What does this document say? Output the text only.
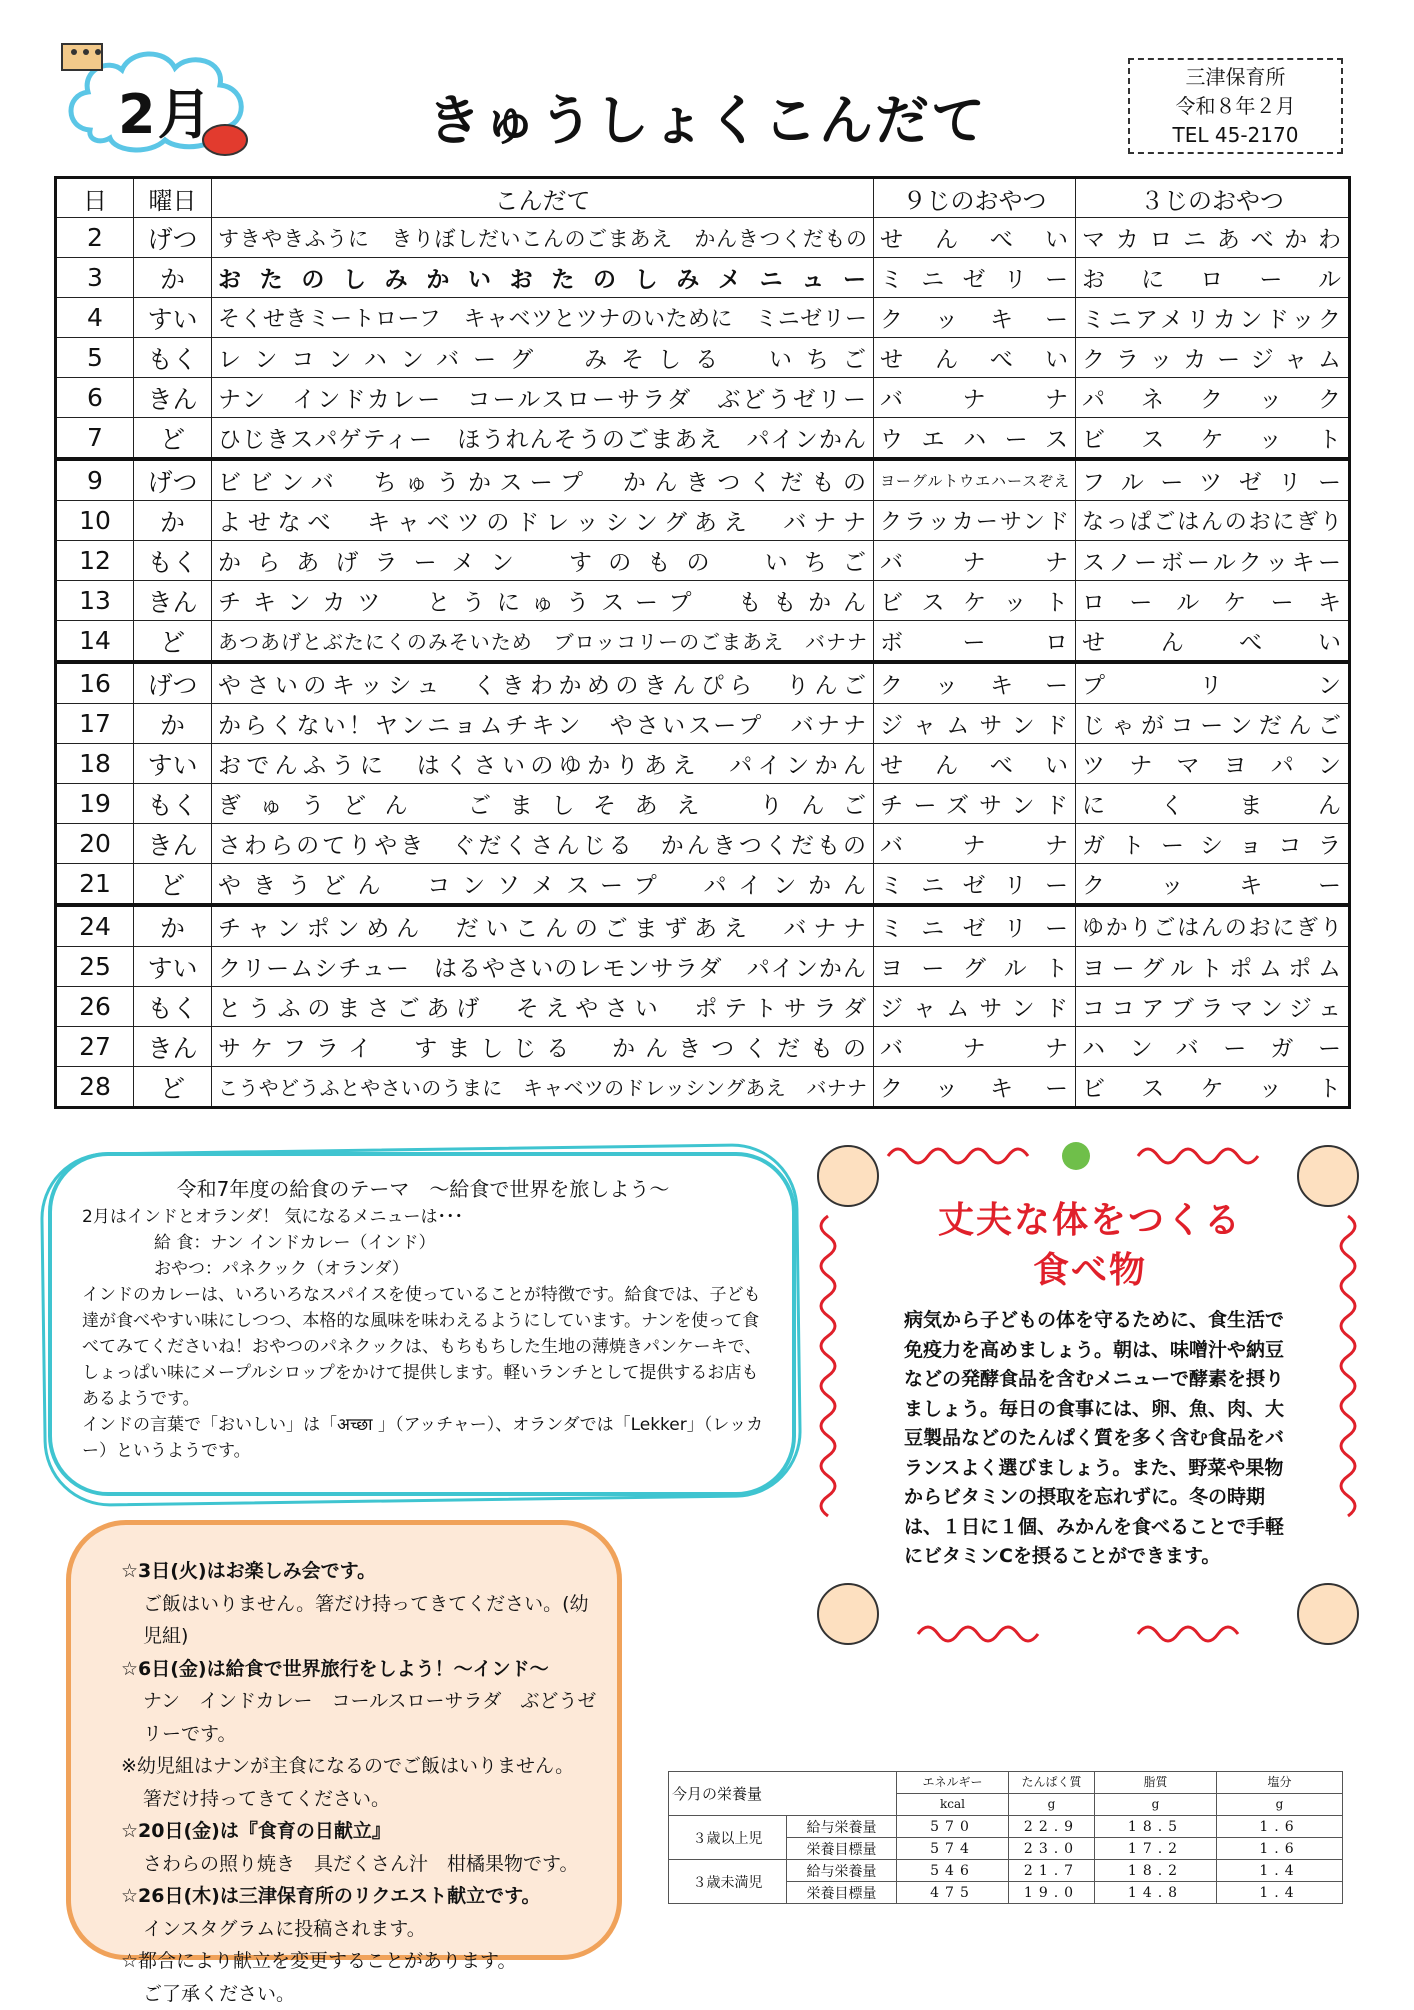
2月	きゅうしょくこんだて
三津保育所
令和８年２月
TEL 45-2170
日	曜日	こんだて	９じのおやつ	３じのおやつ
2	げつ	すきやきふうに　きりぼしだいこんのごまあえ　かんきつくだもの	せんべい	マカロニあべかわ
3	か	おたのしみかいおたのしみメニュー	ミニゼリー	おにロール
4	すい	そくせきミートローフ　キャベツとツナのいために　ミニゼリー	クッキー	ミニアメリカンドック
5	もく	レンコンハンバーグ　みそしる　いちご	せんべい	クラッカージャム
6	きん	ナン　インドカレー　コールスローサラダ　ぶどうゼリー	バナナ	パネクック
7	ど	ひじきスパゲティー　ほうれんそうのごまあえ　パインかん	ウエハース	ビスケット
9	げつ	ビビンバ　ちゅうかスープ　かんきつくだもの	ヨーグルトウエハースぞえ	フルーツゼリー
10	か	よせなべ　キャベツのドレッシングあえ　バナナ	クラッカーサンド	なっぱごはんのおにぎり
12	もく	からあげラーメン　すのもの　いちご	バナナ	スノーボールクッキー
13	きん	チキンカツ　とうにゅうスープ　ももかん	ビスケット	ロールケーキ
14	ど	あつあげとぶたにくのみそいため　ブロッコリーのごまあえ　バナナ	ボーロ	せんべい
16	げつ	やさいのキッシュ　くきわかめのきんぴら　りんご	クッキー	プリン
17	か	からくない！ヤンニョムチキン　やさいスープ　バナナ	ジャムサンド	じゃがコーンだんご
18	すい	おでんふうに　はくさいのゆかりあえ　パインかん	せんべい	ツナマヨパン
19	もく	ぎゅうどん　ごましそあえ　りんご	チーズサンド	にくまん
20	きん	さわらのてりやき　ぐだくさんじる　かんきつくだもの	バナナ	ガトーショコラ
21	ど	やきうどん　コンソメスープ　パインかん	ミニゼリー	クッキー
24	か	チャンポンめん　だいこんのごまずあえ　バナナ	ミニゼリー	ゆかりごはんのおにぎり
25	すい	クリームシチュー　はるやさいのレモンサラダ　パインかん	ヨーグルト	ヨーグルトポムポム
26	もく	とうふのまさごあげ　そえやさい　ポテトサラダ	ジャムサンド	ココアブラマンジェ
27	きん	サケフライ　すましじる　かんきつくだもの	バナナ	ハンバーガー
28	ど	こうやどうふとやさいのうまに　キャベツのドレッシングあえ　バナナ	クッキー	ビスケット
令和7年度の給食のテーマ　～給食で世界を旅しよう～
2月はインドとオランダ！ 気になるメニューは･･･
給 食：ナン インドカレー（インド）
おやつ：パネクック（オランダ）
インドのカレーは、いろいろなスパイスを使っていることが特徴です。給食では、子ども達が食べやすい味にしつつ、本格的な風味を味わえるようにしています。ナンを使って食べてみてくださいね！おやつのパネクックは、もちもちした生地の薄焼きパンケーキで、しょっぱい味にメープルシロップをかけて提供します。軽いランチとして提供するお店もあるようです。
インドの言葉で「おいしい」は「अच्छा 」（アッチャー）、オランダでは「Lekker」（レッカー）というようです。
☆3日(火)はお楽しみ会です。
ご飯はいりません。箸だけ持ってきてください。(幼児組)
☆6日(金)は給食で世界旅行をしよう！～インド～
ナン　インドカレー　コールスローサラダ　ぶどうゼリーです。
※幼児組はナンが主食になるのでご飯はいりません。
箸だけ持ってきてください。
☆20日(金)は『食育の日献立』
さわらの照り焼き　具だくさん汁　柑橘果物です。
☆26日(木)は三津保育所のリクエスト献立です。
インスタグラムに投稿されます。
☆都合により献立を変更することがあります。
ご了承ください。
丈夫な体をつくる
食べ物
病気から子どもの体を守るために、食生活で免疫力を高めましょう。朝は、味噌汁や納豆などの発酵食品を含むメニューで酵素を摂りましょう。毎日の食事には、卵、魚、肉、大豆製品などのたんぱく質を多く含む食品をバランスよく選びましょう。また、野菜や果物からビタミンの摂取を忘れずに。冬の時期は、１日に１個、みかんを食べることで手軽にビタミンCを摂ることができます。
今月の栄養量		エネルギー	たんぱく質	脂質	塩分
		kcal	g	g	g
３歳以上児	給与栄養量	570	22.9	18.5	1.6
	栄養目標量	574	23.0	17.2	1.6
３歳未満児	給与栄養量	546	21.7	18.2	1.4
	栄養目標量	475	19.0	14.8	1.4
